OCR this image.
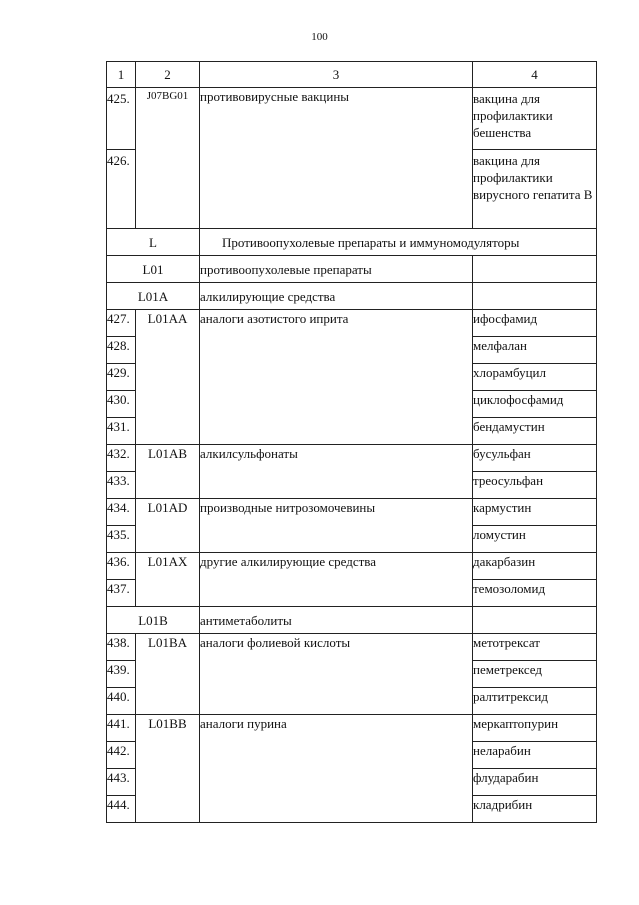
100
1	2	3	4
425.	J07BG01	противовирусные вакцины	вакцина для профилактики бешенства
426.			вакцина для профилактики вирусного гепатита B
L		Противоопухолевые препараты и иммуномодуляторы	
L01		противоопухолевые препараты	
L01A		алкилирующие средства	
427.	L01AA	аналоги азотистого иприта	ифосфамид
428.			мелфалан
429.			хлорамбуцил
430.			циклофосфамид
431.			бендамустин
432.	L01AB	алкилсульфонаты	бусульфан
433.			треосульфан
434.	L01AD	производные нитрозомочевины	кармустин
435.			ломустин
436.	L01AX	другие алкилирующие средства	дакарбазин
437.			темозоломид
L01B		антиметаболиты	
438.	L01BA	аналоги фолиевой кислоты	метотрексат
439.			пеметрексед
440.			ралтитрексид
441.	L01BB	аналоги пурина	меркаптопурин
442.			неларабин
443.			флударабин
444.			кладрибин
